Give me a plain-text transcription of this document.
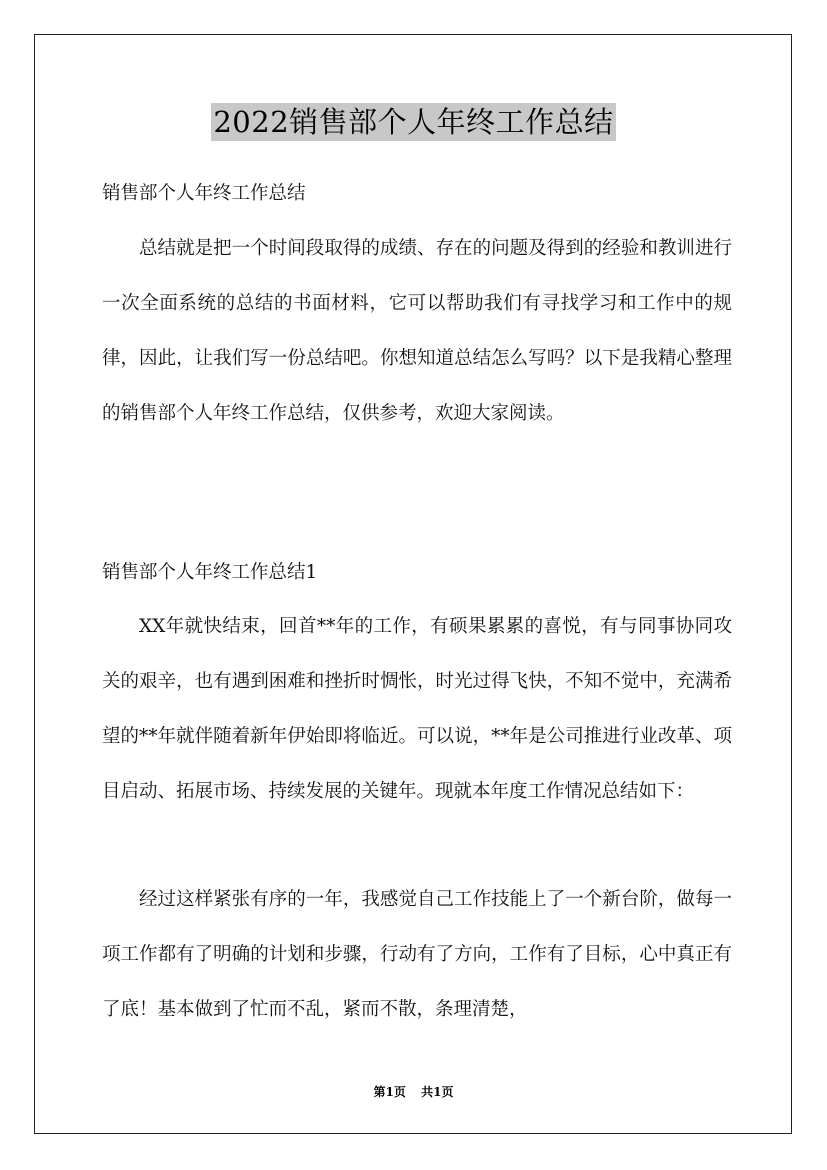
2022销售部个人年终工作总结
销售部个人年终工作总结

总结就是把一个时间段取得的成绩、存在的问题及得到的经验和教训进行一次全面系统的总结的书面材料，它可以帮助我们有寻找学习和工作中的规律，因此，让我们写一份总结吧。你想知道总结怎么写吗？以下是我精心整理的销售部个人年终工作总结，仅供参考，欢迎大家阅读。

销售部个人年终工作总结1

XX年就快结束，回首**年的工作，有硕果累累的喜悦，有与同事协同攻关的艰辛，也有遇到困难和挫折时惆怅，时光过得飞快，不知不觉中，充满希望的**年就伴随着新年伊始即将临近。可以说，**年是公司推进行业改革、项目启动、拓展市场、持续发展的关键年。现就本年度工作情况总结如下：

经过这样紧张有序的一年，我感觉自己工作技能上了一个新台阶，做每一项工作都有了明确的计划和步骤，行动有了方向，工作有了目标，心中真正有了底！基本做到了忙而不乱，紧而不散，条理清楚，

第1页 共1页
